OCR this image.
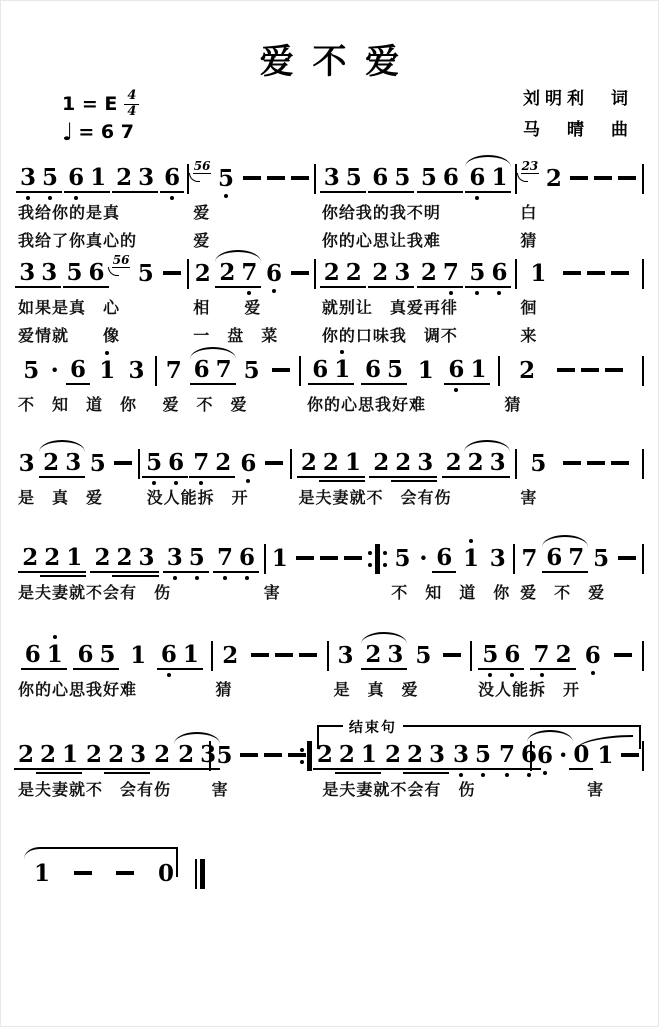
爱不爱
刘明利　词
马　晴　曲
1 = E $\frac{4}{4}$
♩ = 6 7
3 5 6 1 2 3 6 56 5	3 5 6 5 5 6 6 1 23 2
我给你的是真	爱	你给我的我不明	白
我给了你真心的	爱	你的心思让我难	猜
3 3 5 6 56 5 2 2 7 6 2 2 2 3 2 7 5 6 1
如果是真　心	相　　爱	就别让　真爱再徘	徊
爱情就　　像	一　盘　菜	你的口味我　调不	来
5 · 6 1 3 7 6 7 5 6 1 6 5 1 6 1 2
不　知　道　你	爱　不　爱	你的心思我好难	猜
3 2 3 5 5 6 7 2 6 2 2 1 2 2 3 2 2 3 5
是　真　爱	没人能拆　开	是夫妻就不　会有伤	害
2 2 1 2 2 3 3 5 7 6 1	5 · 6 1 3 7 6 7 5
是夫妻就不会有　伤	害	不　知　道　你 爱　不　爱
6 1 6 5 1 6 1 2	3 2 3 5 5 6 7 2 6
你的心思我好难	猜	是　真　爱	没人能拆　开
2 2 1 2 2 3 2 2 3 5	2 2 1 2 2 3 3 5 7 6 6 · 0 1
是夫妻就不　会有伤	害	是夫妻就不会有　伤	　　　害
结束句
1	0
